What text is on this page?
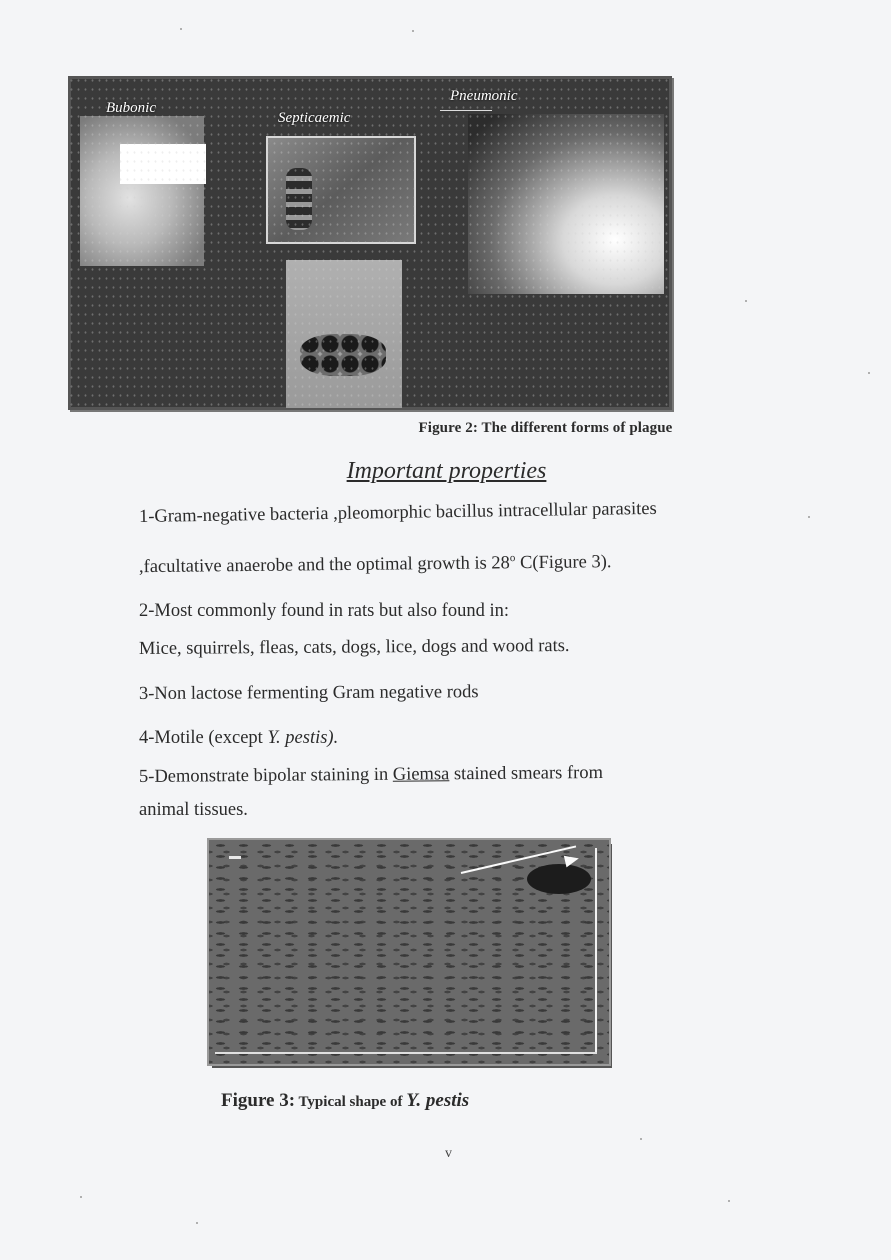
Bubonic
Septicaemic
Pneumonic
Figure 2: The different forms of plague
Important properties
1-Gram-negative bacteria ,pleomorphic bacillus intracellular parasites
,facultative anaerobe and the optimal growth is 28$^o$ C(Figure 3).
2-Most commonly found in rats but also found in:
Mice, squirrels, fleas, cats, dogs, lice, dogs and wood rats.
3-Non lactose fermenting Gram negative rods
4-Motile (except Y. pestis).
5-Demonstrate bipolar staining in Giemsa stained smears from
animal tissues.
Figure 3: Typical shape of Y. pestis
v
